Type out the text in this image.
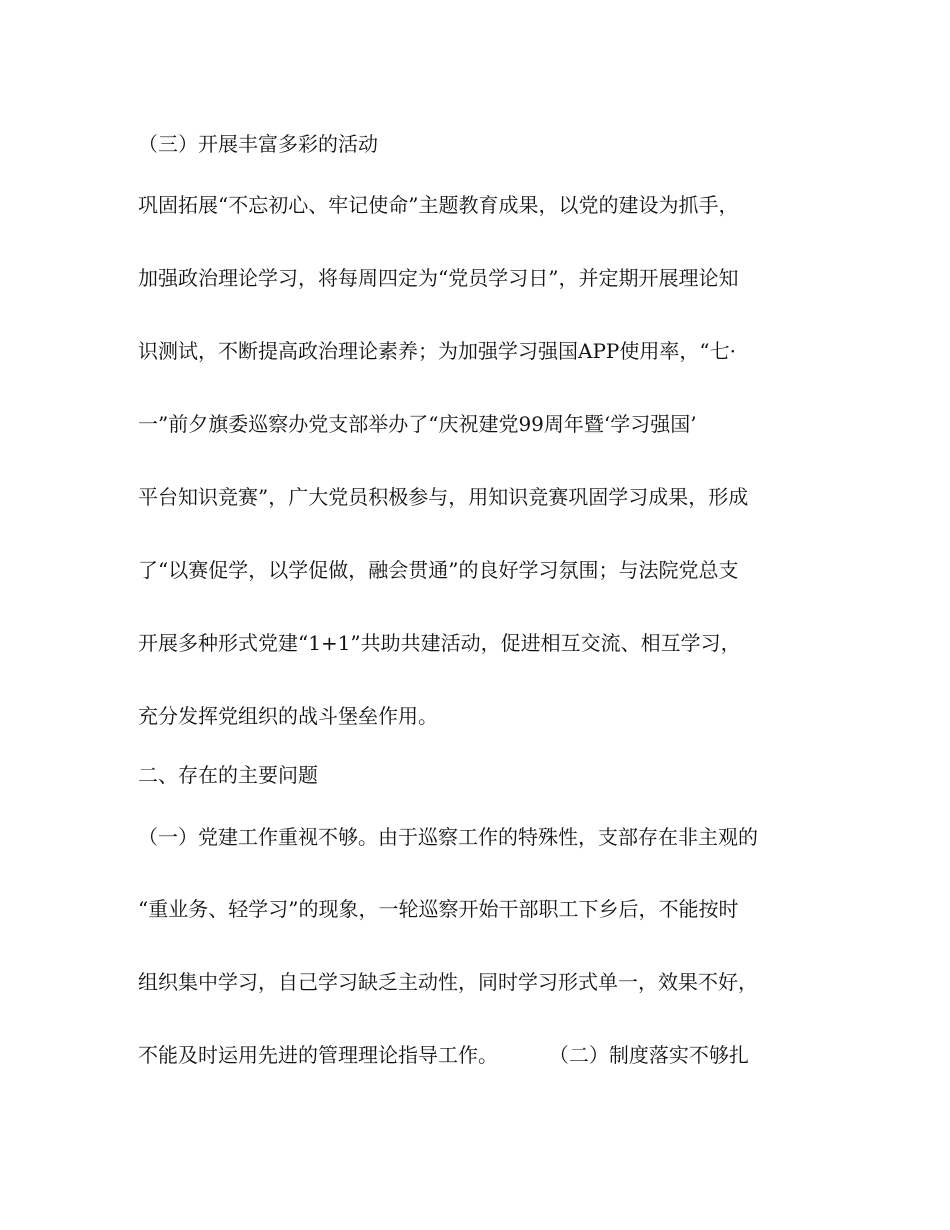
（三）开展丰富多彩的活动
巩固拓展“不忘初心、牢记使命”主题教育成果，以党的建设为抓手，
加强政治理论学习，将每周四定为“党员学习日”，并定期开展理论知
识测试，不断提高政治理论素养；为加强学习强国APP使用率，“七·
一”前夕旗委巡察办党支部举办了“庆祝建党99周年暨‘学习强国’
平台知识竞赛”，广大党员积极参与，用知识竞赛巩固学习成果，形成
了“以赛促学，以学促做，融会贯通”的良好学习氛围；与法院党总支
开展多种形式党建“1+1”共助共建活动，促进相互交流、相互学习，
充分发挥党组织的战斗堡垒作用。
二、存在的主要问题
（一）党建工作重视不够。由于巡察工作的特殊性，支部存在非主观的
“重业务、轻学习”的现象，一轮巡察开始干部职工下乡后，不能按时
组织集中学习，自己学习缺乏主动性，同时学习形式单一，效果不好，
不能及时运用先进的管理理论指导工作。        （二）制度落实不够扎
